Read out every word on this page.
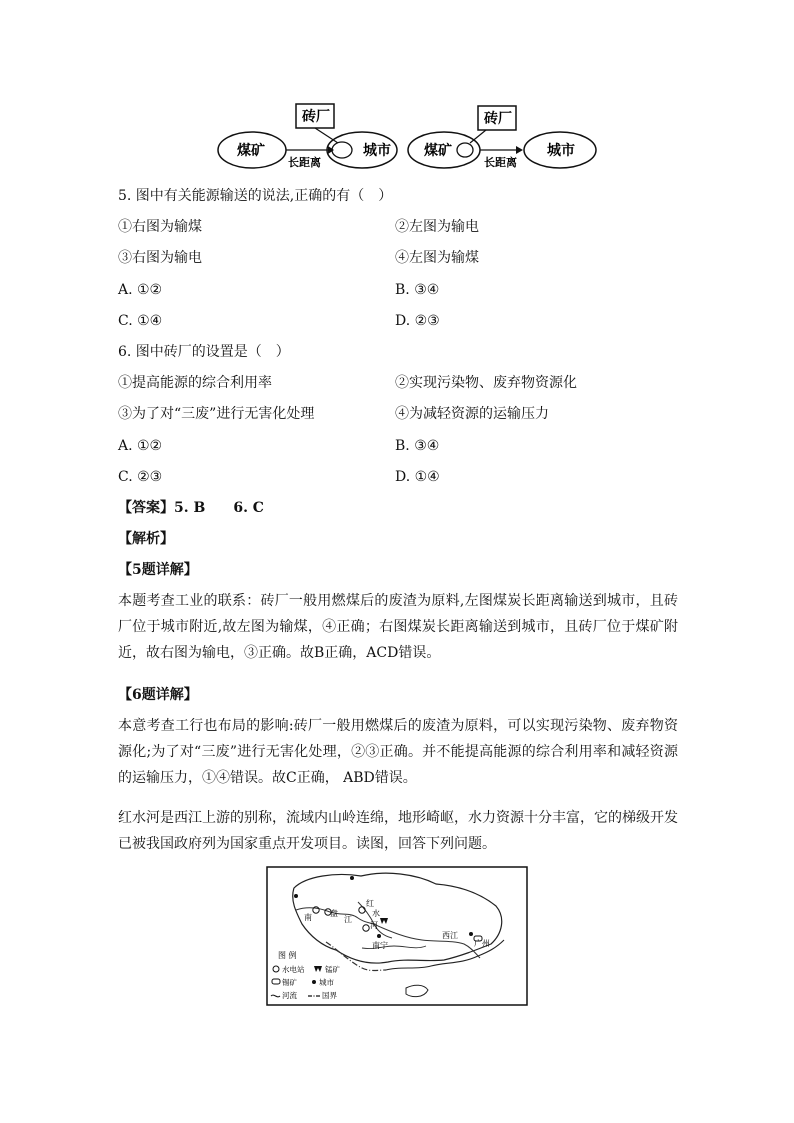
煤矿	城市
长距离
砖厂
煤矿	城市
长距离
砖厂
5. 图中有关能源输送的说法,正确的有（　）
①右图为输煤	②左图为输电
③右图为输电	④左图为输煤
A. ①②	B. ③④
C. ①④	D. ②③
6. 图中砖厂的设置是（　）
①提高能源的综合利用率	②实现污染物、废弃物资源化
③为了对“三废”进行无害化处理	④为减轻资源的运输压力
A. ①②	B. ③④
C. ②③	D. ①④
【答案】5. B　　6. C
【解析】
【5题详解】
本题考查工业的联系：砖厂一般用燃煤后的废渣为原料,左图煤炭长距离输送到城市，且砖厂位于城市附近,故左图为输煤，④正确；右图煤炭长距离输送到城市，且砖厂位于煤矿附近，故右图为输电，③正确。故B正确，ACD错误。
【6题详解】
本意考查工行也布局的影响:砖厂一般用燃煤后的废渣为原料，可以实现污染物、废弃物资源化;为了对“三废”进行无害化处理，②③正确。并不能提高能源的综合利用率和减轻资源的运输压力，①④错误。故C正确， ABD错误。
红水河是西江上游的别称，流域内山岭连绵，地形崎岖，水力资源十分丰富，它的梯级开发已被我国政府列为国家重点开发项目。读图，回答下列问题。
南 盘
江
红
水
河
南宁
西江
广州
图 例
水电站	锰矿
锡矿	城市
河流	国界
